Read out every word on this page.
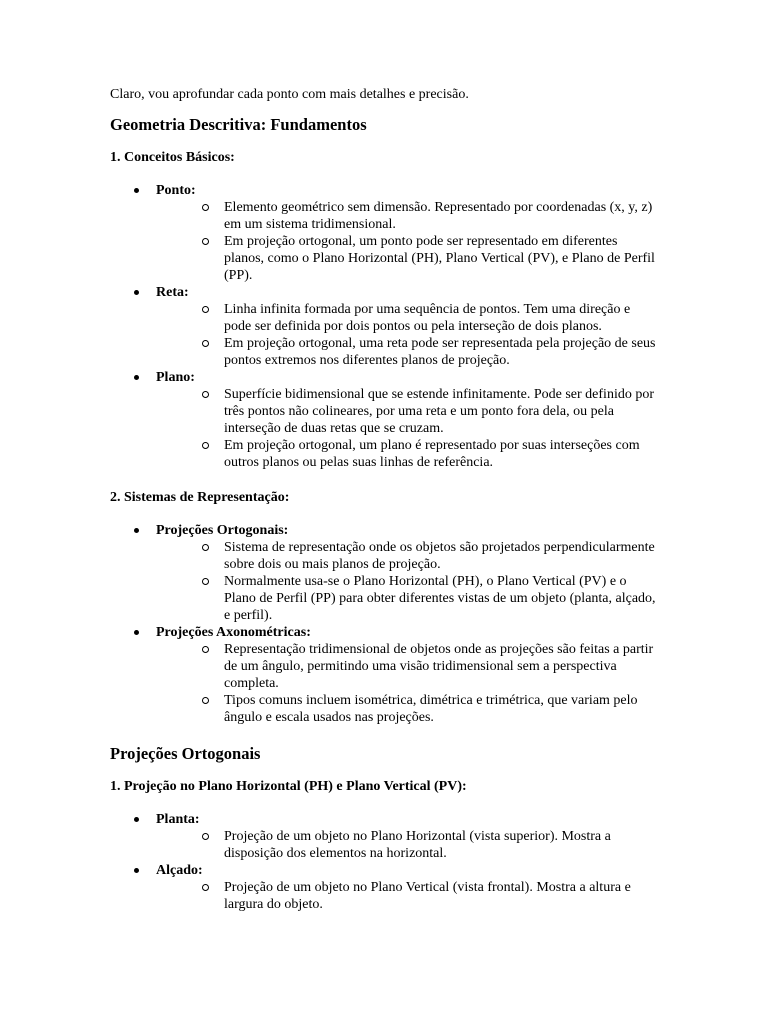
Claro, vou aprofundar cada ponto com mais detalhes e precisão.

Geometria Descritiva: Fundamentos
1. Conceitos Básicos:
Ponto:
Elemento geométrico sem dimensão. Representado por coordenadas (x, y, z) em um sistema tridimensional.
Em projeção ortogonal, um ponto pode ser representado em diferentes planos, como o Plano Horizontal (PH), Plano Vertical (PV), e Plano de Perfil (PP).
Reta:
Linha infinita formada por uma sequência de pontos. Tem uma direção e pode ser definida por dois pontos ou pela interseção de dois planos.
Em projeção ortogonal, uma reta pode ser representada pela projeção de seus pontos extremos nos diferentes planos de projeção.
Plano:
Superfície bidimensional que se estende infinitamente. Pode ser definido por três pontos não colineares, por uma reta e um ponto fora dela, ou pela interseção de duas retas que se cruzam.
Em projeção ortogonal, um plano é representado por suas interseções com outros planos ou pelas suas linhas de referência.
2. Sistemas de Representação:
Projeções Ortogonais:
Sistema de representação onde os objetos são projetados perpendicularmente sobre dois ou mais planos de projeção.
Normalmente usa-se o Plano Horizontal (PH), o Plano Vertical (PV) e o Plano de Perfil (PP) para obter diferentes vistas de um objeto (planta, alçado, e perfil).
Projeções Axonométricas:
Representação tridimensional de objetos onde as projeções são feitas a partir de um ângulo, permitindo uma visão tridimensional sem a perspectiva completa.
Tipos comuns incluem isométrica, dimétrica e trimétrica, que variam pelo ângulo e escala usados nas projeções.
Projeções Ortogonais
1. Projeção no Plano Horizontal (PH) e Plano Vertical (PV):
Planta:
Projeção de um objeto no Plano Horizontal (vista superior). Mostra a disposição dos elementos na horizontal.
Alçado:
Projeção de um objeto no Plano Vertical (vista frontal). Mostra a altura e largura do objeto.
